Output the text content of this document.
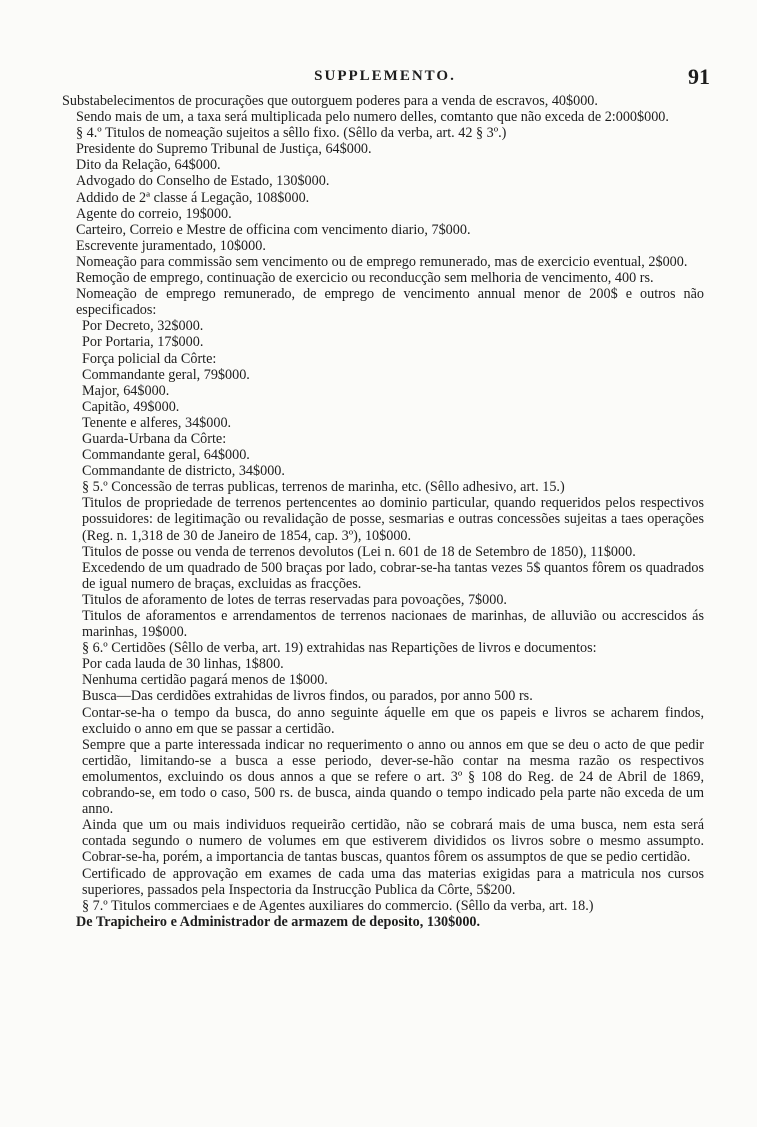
SUPPLEMENTO.	91

Substabelecimentos de procurações que outorguem poderes para a venda de escravos, 40$000.

Sendo mais de um, a taxa será multiplicada pelo numero delles, comtanto que não exceda de 2:000$000.

§ 4.º Titulos de nomeação sujeitos a sêllo fixo. (Sêllo da verba, art. 42 § 3º.)

Presidente do Supremo Tribunal de Justiça, 64$000.

Dito da Relação, 64$000.

Advogado do Conselho de Estado, 130$000.

Addido de 2ª classe á Legação, 108$000.

Agente do correio, 19$000.

Carteiro, Correio e Mestre de officina com vencimento diario, 7$000.

Escrevente juramentado, 10$000.

Nomeação para commissão sem vencimento ou de emprego remunerado, mas de exercicio eventual, 2$000.

Remoção de emprego, continuação de exercicio ou reconducção sem melhoria de vencimento, 400 rs.

Nomeação de emprego remunerado, de emprego de vencimento annual menor de 200$ e outros não especificados:

Por Decreto, 32$000.

Por Portaria, 17$000.

Força policial da Côrte:

Commandante geral, 79$000.

Major, 64$000.

Capitão, 49$000.

Tenente e alferes, 34$000.

Guarda-Urbana da Côrte:

Commandante geral, 64$000.

Commandante de districto, 34$000.

§ 5.º Concessão de terras publicas, terrenos de marinha, etc. (Sêllo adhesivo, art. 15.)

Titulos de propriedade de terrenos pertencentes ao dominio particular, quando requeridos pelos respectivos possuidores: de legitimação ou revalidação de posse, sesmarias e outras concessões sujeitas a taes operações (Reg. n. 1,318 de 30 de Janeiro de 1854, cap. 3º), 10$000.

Titulos de posse ou venda de terrenos devolutos (Lei n. 601 de 18 de Setembro de 1850), 11$000.

Excedendo de um quadrado de 500 braças por lado, cobrar-se-ha tantas vezes 5$ quantos fôrem os quadrados de igual numero de braças, excluidas as fracções.

Titulos de aforamento de lotes de terras reservadas para povoações, 7$000.

Titulos de aforamentos e arrendamentos de terrenos nacionaes de marinhas, de alluvião ou accrescidos ás marinhas, 19$000.

§ 6.º Certidões (Sêllo de verba, art. 19) extrahidas nas Repartições de livros e documentos:

Por cada lauda de 30 linhas, 1$800.

Nenhuma certidão pagará menos de 1$000.

Busca—Das cerdidões extrahidas de livros findos, ou parados, por anno 500 rs.

Contar-se-ha o tempo da busca, do anno seguinte áquelle em que os papeis e livros se acharem findos, excluido o anno em que se passar a certidão.

Sempre que a parte interessada indicar no requerimento o anno ou annos em que se deu o acto de que pedir certidão, limitando-se a busca a esse periodo, dever-se-hão contar na mesma razão os respectivos emolumentos, excluindo os dous annos a que se refere o art. 3º § 108 do Reg. de 24 de Abril de 1869, cobrando-se, em todo o caso, 500 rs. de busca, ainda quando o tempo indicado pela parte não exceda de um anno.

Ainda que um ou mais individuos requeirão certidão, não se cobrará mais de uma busca, nem esta será contada segundo o numero de volumes em que estiverem divididos os livros sobre o mesmo assumpto. Cobrar-se-ha, porém, a importancia de tantas buscas, quantos fôrem os assumptos de que se pedio certidão.

Certificado de approvação em exames de cada uma das materias exigidas para a matricula nos cursos superiores, passados pela Inspectoria da Instrucção Publica da Côrte, 5$200.

§ 7.º Titulos commerciaes e de Agentes auxiliares do commercio. (Sêllo da verba, art. 18.)

De Trapicheiro e Administrador de armazem de deposito, 130$000.
